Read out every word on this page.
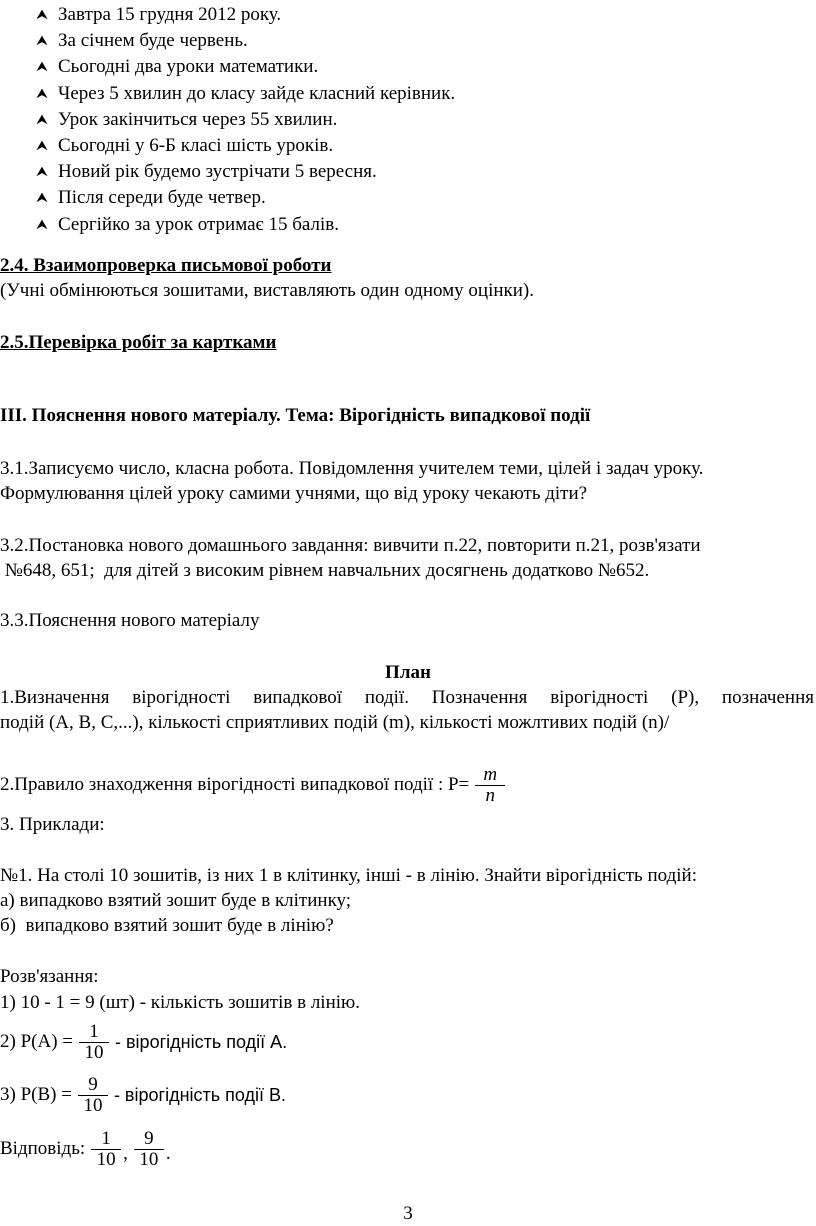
⮝ Завтра 15 грудня 2012 року.
⮝ За січнем буде червень.
⮝ Сьогодні два уроки математики.
⮝ Через 5 хвилин до класу зайде класний керівник.
⮝ Урок закінчиться через 55 хвилин.
⮝ Сьогодні у 6-Б класі шість уроків.
⮝ Новий рік будемо зустрічати 5 вересня.
⮝ Після середи буде четвер.
⮝ Сергійко за урок отримає 15 балів.
2.4. Взаимопроверка письмової роботи
(Учні обмінюються зошитами, виставляють один одному оцінки).
2.5.Перевірка робіт за картками
ІІІ. Пояснення нового матеріалу. Тема: Вірогідність випадкової події
3.1.Записуємо число, класна робота. Повідомлення учителем теми, цілей і задач уроку.
Формулювання цілей уроку самими учнями, що від уроку чекають діти?
3.2.Постановка нового домашнього завдання: вивчити п.22, повторити п.21, розв'язати
№648, 651;  для дітей з високим рівнем навчальних досягнень додатково №652.
3.3.Пояснення нового матеріалу
План
1.Визначення вірогідності випадкової події. Позначення вірогідності (Р), позначення
подій (А, В, С,...), кількості сприятливих подій (m), кількості можлтивих подій (n)/
2.Правило знаходження вірогідності випадкової події : $Р= \frac{m}{n}$
3. Приклади:
№1. На столі 10 зошитів, із них 1 в клітинку, інші - в лінію. Знайти вірогідність подій:
а) випадково взятий зошит буде в клітинку;
б)  випадково взятий зошит буде в лінію?
Розв'язання:
1) 10 - 1 = 9 (шт) - кількість зошитів в лінію.
2) $Р(А) = \frac{1}{10}$ - вірогідність події А.
3) $Р(В) = \frac{9}{10}$ - вірогідність події В.
Відповідь: $\frac{1}{10}$ , $\frac{9}{10}$ .
3
